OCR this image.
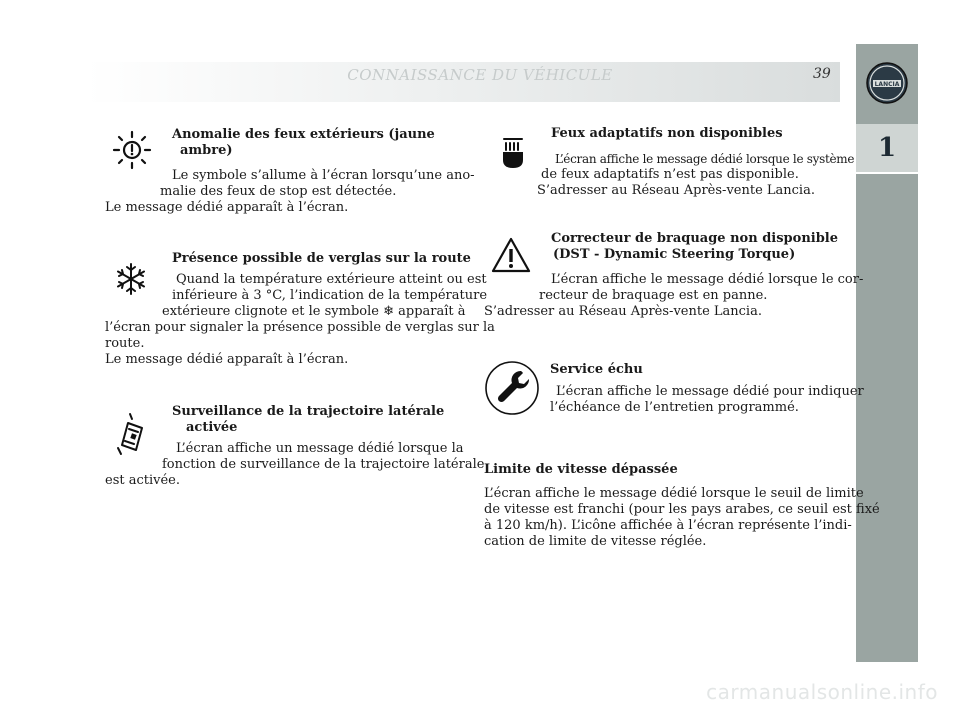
CONNAISSANCE DU VÉHICULE	39
LANCIA
1
Anomalie des feux extérieurs (jaune
ambre)
Le symbole s’allume à l’écran lorsqu’une ano-
malie des feux de stop est détectée.
Le message dédié apparaît à l’écran.
Présence possible de verglas sur la route
Quand la température extérieure atteint ou est
inférieure à 3 °C, l’indication de la température
extérieure clignote et le symbole ❄ apparaît à
l’écran pour signaler la présence possible de verglas sur la
route.
Le message dédié apparaît à l’écran.
Surveillance de la trajectoire latérale
activée
L’écran affiche un message dédié lorsque la
fonction de surveillance de la trajectoire latérale
est activée.
Feux adaptatifs non disponibles
L’écran affiche le message dédié lorsque le système
de feux adaptatifs n’est pas disponible.
S’adresser au Réseau Après-vente Lancia.
Correcteur de braquage non disponible
(DST - Dynamic Steering Torque)
L’écran affiche le message dédié lorsque le cor-
recteur de braquage est en panne.
S’adresser au Réseau Après-vente Lancia.
Service échu
L’écran affiche le message dédié pour indiquer
l’échéance de l’entretien programmé.
Limite de vitesse dépassée
L’écran affiche le message dédié lorsque le seuil de limite
de vitesse est franchi (pour les pays arabes, ce seuil est fixé
à 120 km/h). L’icône affichée à l’écran représente l’indi-
cation de limite de vitesse réglée.
carmanualsonline.info
